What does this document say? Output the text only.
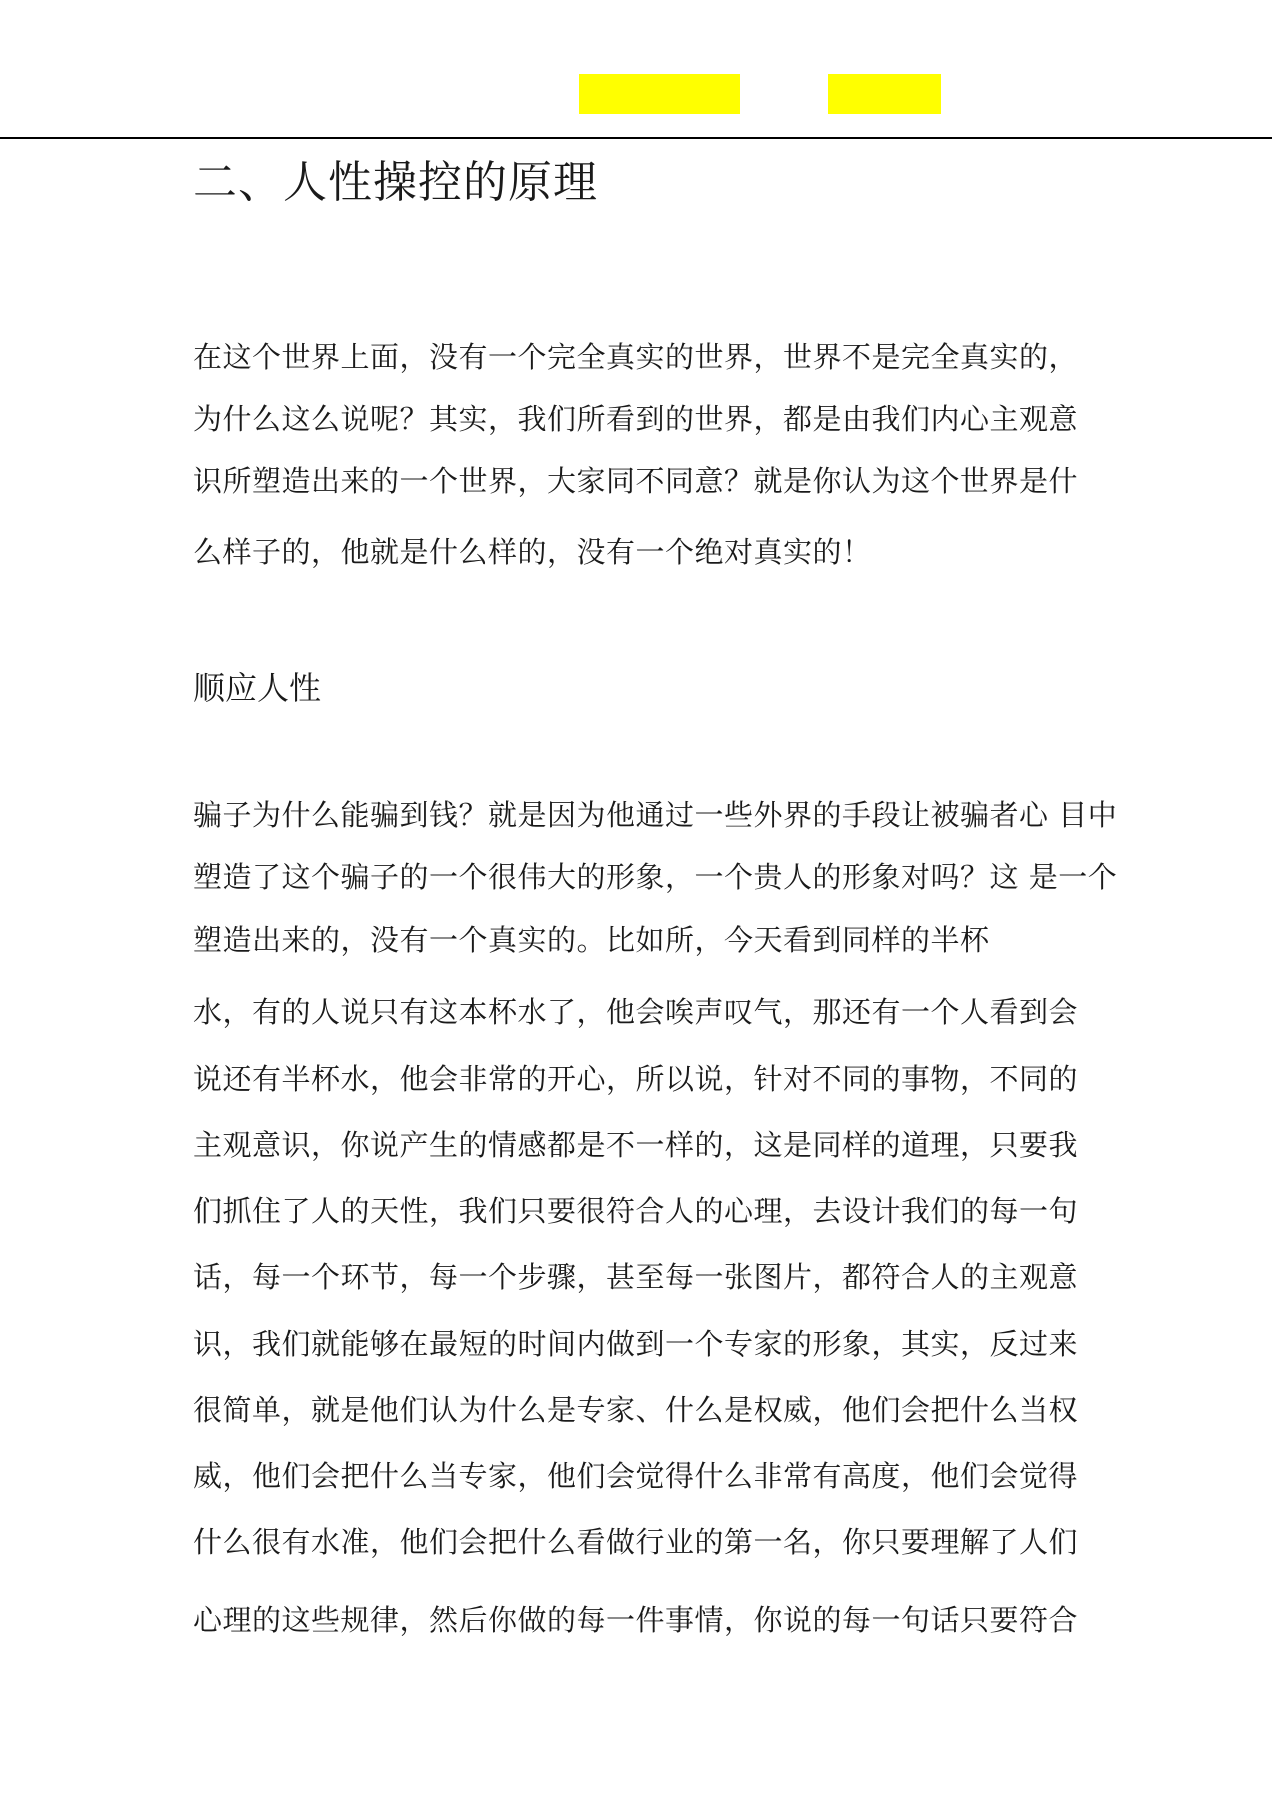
二、人性操控的原理

在这个世界上面，没有一个完全真实的世界，世界不是完全真实的，

为什么这么说呢？其实，我们所看到的世界，都是由我们内心主观意

识所塑造出来的一个世界，大家同不同意？就是你认为这个世界是什

么样子的，他就是什么样的，没有一个绝对真实的！

顺应人性

骗子为什么能骗到钱？就是因为他通过一些外界的手段让被骗者心 目中

塑造了这个骗子的一个很伟大的形象，一个贵人的形象对吗？这 是一个

塑造出来的，没有一个真实的。比如所，今天看到同样的半杯

水，有的人说只有这本杯水了，他会唉声叹气，那还有一个人看到会

说还有半杯水，他会非常的开心，所以说，针对不同的事物，不同的

主观意识，你说产生的情感都是不一样的，这是同样的道理，只要我

们抓住了人的天性，我们只要很符合人的心理，去设计我们的每一句

话，每一个环节，每一个步骤，甚至每一张图片，都符合人的主观意

识，我们就能够在最短的时间内做到一个专家的形象，其实，反过来

很简单，就是他们认为什么是专家、什么是权威，他们会把什么当权

威，他们会把什么当专家，他们会觉得什么非常有高度，他们会觉得

什么很有水准，他们会把什么看做行业的第一名，你只要理解了人们

心理的这些规律，然后你做的每一件事情，你说的每一句话只要符合
